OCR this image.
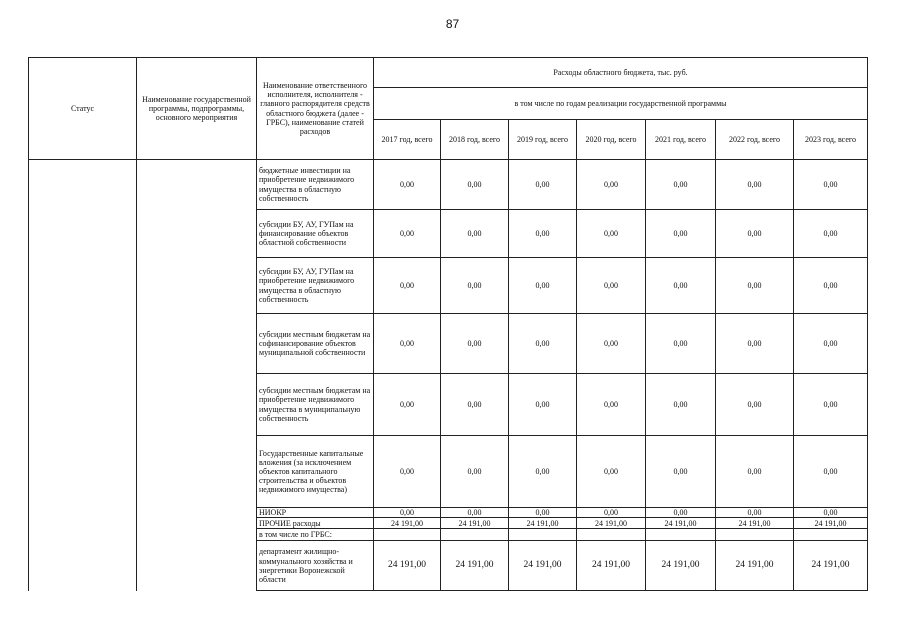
87
Статус	Наименование государственной программы, подпрограммы, основного мероприятия	Наименование ответственного исполнителя, исполнителя - главного распорядителя средств областного бюджета (далее - ГРБС), наименование статей расходов	Расходы областного бюджета, тыс. руб.						
			в том числе по годам реализации государственной программы						
			2017 год, всего	2018 год, всего	2019 год, всего	2020 год, всего	2021 год, всего	2022 год, всего	2023 год, всего
		бюджетные инвестиции на приобретение недвижимого имущества в областную собственность	0,00	0,00	0,00	0,00	0,00	0,00	0,00
		субсидии БУ, АУ, ГУПам на финансирование объектов областной собственности	0,00	0,00	0,00	0,00	0,00	0,00	0,00
		субсидии БУ, АУ, ГУПам на приобретение недвижимого имущества в областную собственность	0,00	0,00	0,00	0,00	0,00	0,00	0,00
		субсидии местным бюджетам на софинансирование объектов муниципальной собственности	0,00	0,00	0,00	0,00	0,00	0,00	0,00
		субсидии местным бюджетам на приобретение недвижимого имущества в муниципальную собственность	0,00	0,00	0,00	0,00	0,00	0,00	0,00
		Государственные капитальные вложения (за исключением объектов капитального строительства и объектов недвижимого имущества)	0,00	0,00	0,00	0,00	0,00	0,00	0,00
		НИОКР	0,00	0,00	0,00	0,00	0,00	0,00	0,00
		ПРОЧИЕ расходы	24 191,00	24 191,00	24 191,00	24 191,00	24 191,00	24 191,00	24 191,00
		в том числе по ГРБС:							
		департамент жилищно-коммунального хозяйства и энергетики Воронежской области	24 191,00	24 191,00	24 191,00	24 191,00	24 191,00	24 191,00	24 191,00
